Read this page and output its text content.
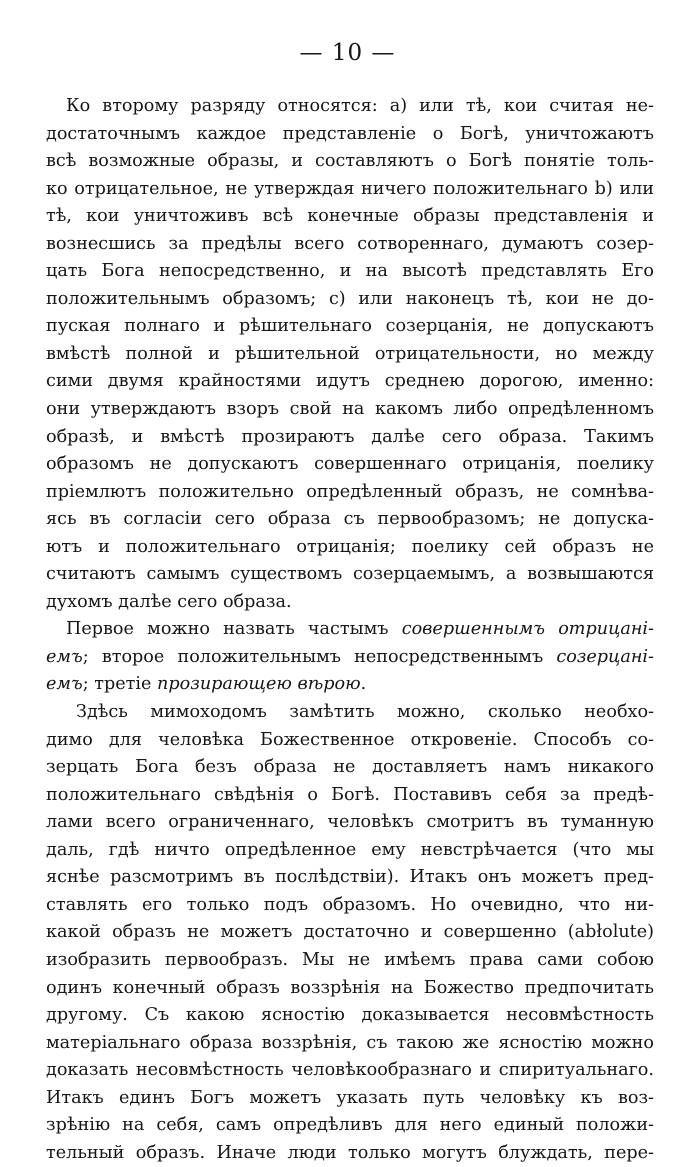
— 10 —
Ко второму разряду относятся: а) или тѣ, кои считая не-
достаточнымъ каждое представленіе о Богѣ, уничтожаютъ
всѣ возможные образы, и составляютъ о Богѣ понятіе толь-
ко отрицательное, не утверждая ничего положительнаго b) или
тѣ, кои уничтоживъ всѣ конечные образы представленія и
вознесшись за предѣлы всего сотвореннаго, думаютъ созер-
цать Бога непосредственно, и на высотѣ представлять Его
положительнымъ образомъ; с) или наконецъ тѣ, кои не до-
пуская полнаго и рѣшительнаго созерцанія, не допускаютъ
вмѣстѣ полной и рѣшительной отрицательности, но между
сими двумя крайностями идутъ среднею дорогою, именно:
они утверждаютъ взоръ свой на какомъ либо опредѣленномъ
образѣ, и вмѣстѣ прозираютъ далѣе сего образа. Такимъ
образомъ не допускаютъ совершеннаго отрицанія, поелику
пріемлютъ положительно опредѣленный образъ, не сомнѣва-
ясь въ согласіи сего образа съ первообразомъ; не допуска-
ютъ и положительнаго отрицанія; поелику сей образъ не
считаютъ самымъ существомъ созерцаемымъ, а возвышаются
духомъ далѣе сего образа.
Первое можно назвать частымъ совершеннымъ отрицані-
емъ; второе положительнымъ непосредственнымъ созерцані-
емъ; третіе прозирающею вѣрою.
Здѣсь мимоходомъ замѣтить можно, сколько необхо-
димо для человѣка Божественное откровеніе. Способъ со-
зерцать Бога безъ образа не доставляетъ намъ никакого
положительнаго свѣдѣнія о Богѣ. Поставивъ себя за предѣ-
лами всего ограниченнаго, человѣкъ смотритъ въ туманную
даль, гдѣ ничто опредѣленное ему невстрѣчается (что мы
яснѣе разсмотримъ въ послѣдствіи). Итакъ онъ можетъ пред-
ставлять его только подъ образомъ. Но очевидно, что ни-
какой образъ не можетъ достаточно и совершенно (abłolute)
изобразить первообразъ. Мы не имѣемъ права сами собою
одинъ конечный образъ воззрѣнія на Божество предпочитать
другому. Съ какою ясностію доказывается несовмѣстность
матеріальнаго образа воззрѣнія, съ такою же ясностію можно
доказать несовмѣстность человѣкообразнаго и спиритуальнаго.
Итакъ единъ Богъ можетъ указать путь человѣку къ воз-
зрѣнію на себя, самъ опредѣливъ для него единый положи-
тельный образъ. Иначе люди только могутъ блуждать, пере-
